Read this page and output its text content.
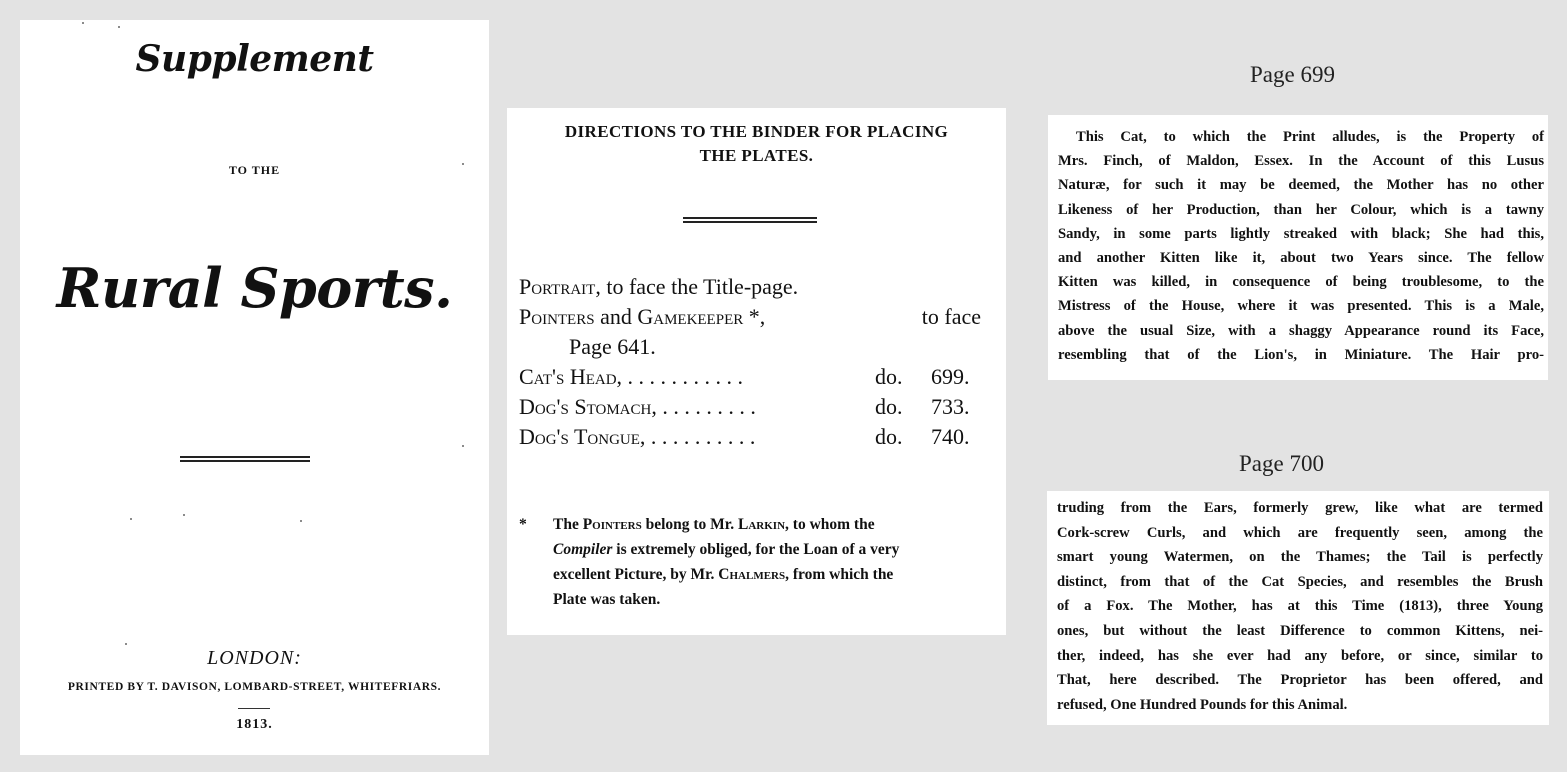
Supplement
TO THE
Rural Sports.
LONDON:
PRINTED BY T. DAVISON, LOMBARD-STREET, WHITEFRIARS.
1813.
DIRECTIONS TO THE BINDER FOR PLACING
THE PLATES.
Portrait , to face the Title-page.
Pointers and Gamekeeper *,	to face
Page 641.
Cat's Head , . . . . . . . . . . .	do.	699.
Dog's Stomach , . . . . . . . . .	do.	733.
Dog's Tongue , . . . . . . . . . .	do.	740.
*	The Pointers belong to Mr. Larkin, to whom the
Compiler is extremely obliged, for the Loan of a very
excellent Picture, by Mr. Chalmers, from which the
Plate was taken.
Page 699
This Cat, to which the Print alludes, is the Property of
Mrs. Finch, of Maldon, Essex. In the Account of this Lusus
Naturæ, for such it may be deemed, the Mother has no other
Likeness of her Production, than her Colour, which is a tawny
Sandy, in some parts lightly streaked with black; She had this,
and another Kitten like it, about two Years since. The fellow
Kitten was killed, in consequence of being troublesome, to the
Mistress of the House, where it was presented. This is a Male,
above the usual Size, with a shaggy Appearance round its Face,
resembling that of the Lion's, in Miniature. The Hair pro-
Page 700
truding from the Ears, formerly grew, like what are termed
Cork-screw Curls, and which are frequently seen, among the
smart young Watermen, on the Thames; the Tail is perfectly
distinct, from that of the Cat Species, and resembles the Brush
of a Fox. The Mother, has at this Time (1813), three Young
ones, but without the least Difference to common Kittens, nei-
ther, indeed, has she ever had any before, or since, similar to
That, here described. The Proprietor has been offered, and
refused, One Hundred Pounds for this Animal.
